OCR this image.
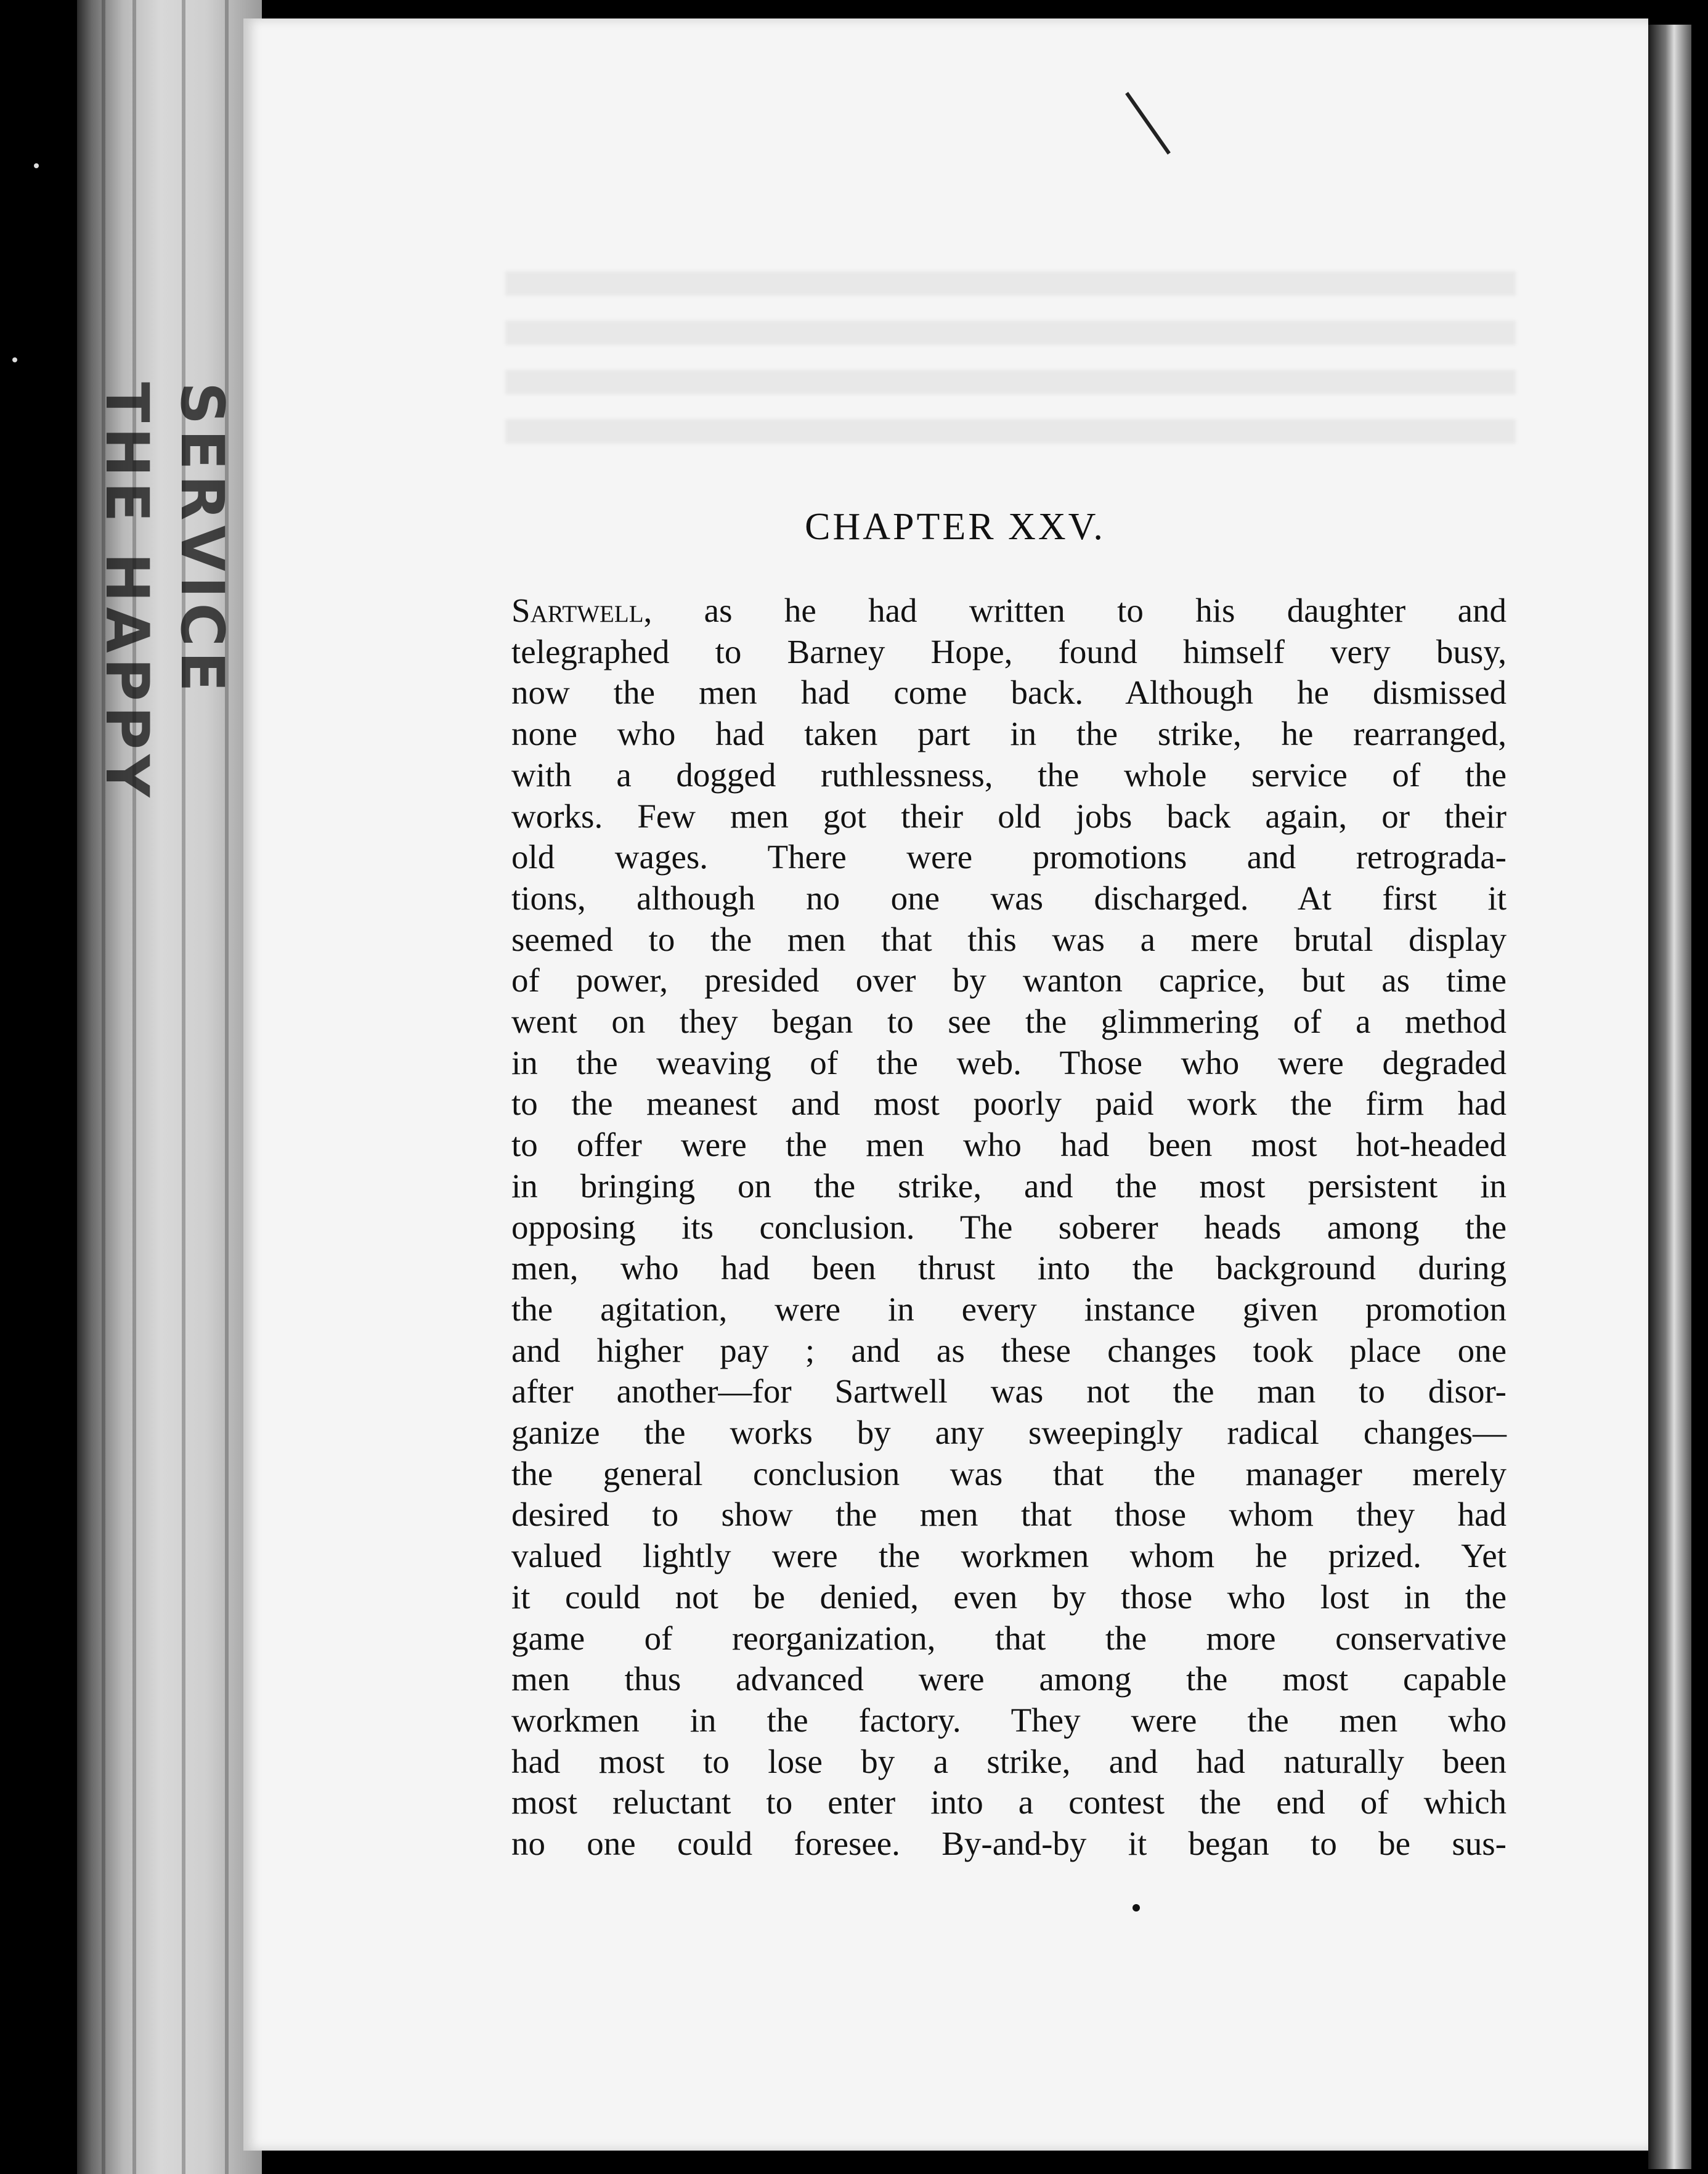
THE HAPPY SERVICE	CHAPTER XXV.

Sartwell, as he had written to his daughter and
telegraphed to Barney Hope, found himself very busy,
now the men had come back. Although he dismissed
none who had taken part in the strike, he rearranged,
with a dogged ruthlessness, the whole service of the
works. Few men got their old jobs back again, or their
old wages. There were promotions and retrograda-
tions, although no one was discharged. At first it
seemed to the men that this was a mere brutal display
of power, presided over by wanton caprice, but as time
went on they began to see the glimmering of a method
in the weaving of the web. Those who were degraded
to the meanest and most poorly paid work the firm had
to offer were the men who had been most hot-headed
in bringing on the strike, and the most persistent in
opposing its conclusion. The soberer heads among the
men, who had been thrust into the background during
the agitation, were in every instance given promotion
and higher pay ; and as these changes took place one
after another—for Sartwell was not the man to disor-
ganize the works by any sweepingly radical changes—
the general conclusion was that the manager merely
desired to show the men that those whom they had
valued lightly were the workmen whom he prized. Yet
it could not be denied, even by those who lost in the
game of reorganization, that the more conservative
men thus advanced were among the most capable
workmen in the factory. They were the men who
had most to lose by a strike, and had naturally been
most reluctant to enter into a contest the end of which
no one could foresee. By-and-by it began to be sus-
